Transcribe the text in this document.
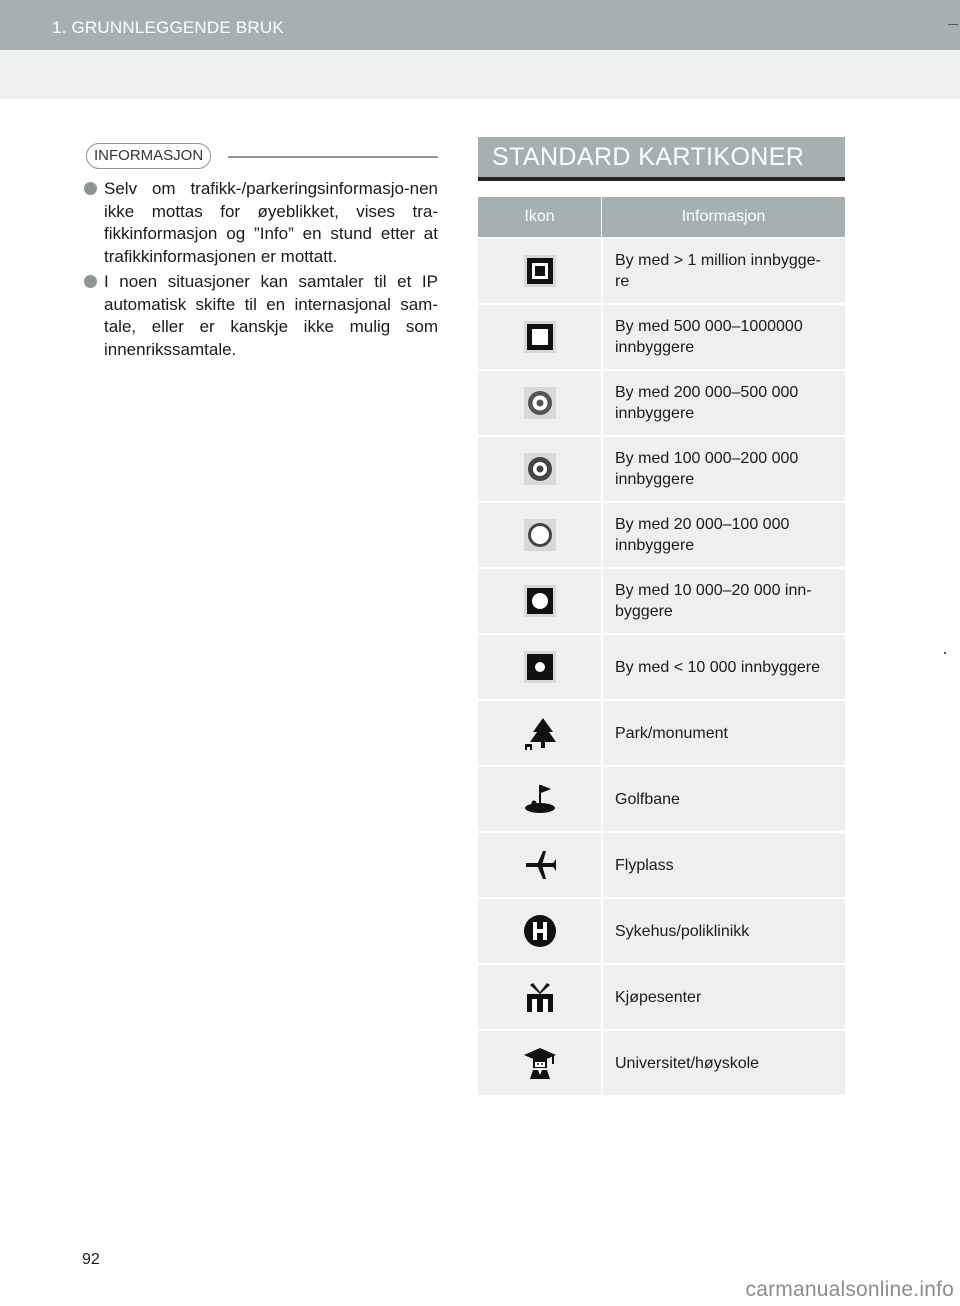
1. GRUNNLEGGENDE BRUK
INFORMASJON
Selv om trafikk-/parkeringsinformasjo-nen ikke mottas for øyeblikket, vises tra-fikkinformasjon og ”Info” en stund etter at trafikkinformasjonen er mottatt.
I noen situasjoner kan samtaler til et IP automatisk skifte til en internasjonal sam-tale, eller er kanskje ikke mulig som innenrikssamtale.
STANDARD KARTIKONER
Ikon	Informasjon
By med > 1 million innbygge-re
By med 500 000–1000000 innbyggere
By med 200 000–500 000 innbyggere
By med 100 000–200 000 innbyggere
By med 20 000–100 000 innbyggere
By med 10 000–20 000 inn-byggere
By med < 10 000 innbyggere
Park/monument
Golfbane
Flyplass
Sykehus/poliklinikk
Kjøpesenter
Universitet/høyskole
92
carmanualsonline.info
